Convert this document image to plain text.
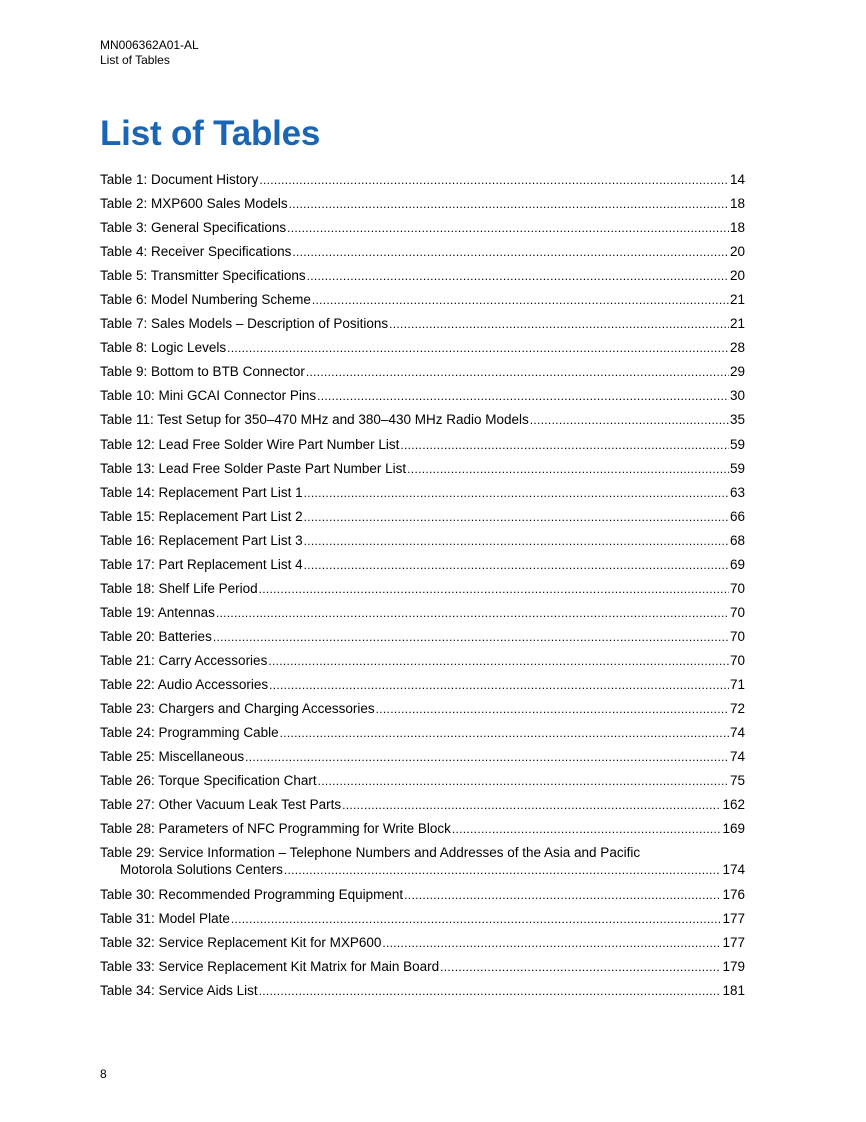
MN006362A01-AL
List of Tables
List of Tables
Table 1: Document History .....	14
Table 2: MXP600 Sales Models .....	18
Table 3: General Specifications .....	18
Table 4: Receiver Specifications .....	20
Table 5: Transmitter Specifications .....	20
Table 6: Model Numbering Scheme .....	21
Table 7: Sales Models – Description of Positions .....	21
Table 8: Logic Levels .....	28
Table 9: Bottom to BTB Connector .....	29
Table 10: Mini GCAI Connector Pins .....	30
Table 11: Test Setup for 350–470 MHz and 380–430 MHz Radio Models .....	35
Table 12: Lead Free Solder Wire Part Number List .....	59
Table 13: Lead Free Solder Paste Part Number List .....	59
Table 14: Replacement Part List 1 .....	63
Table 15: Replacement Part List 2 .....	66
Table 16: Replacement Part List 3 .....	68
Table 17: Part Replacement List 4 .....	69
Table 18: Shelf Life Period .....	70
Table 19: Antennas .....	70
Table 20: Batteries .....	70
Table 21: Carry Accessories .....	70
Table 22: Audio Accessories .....	71
Table 23: Chargers and Charging Accessories .....	72
Table 24: Programming Cable .....	74
Table 25: Miscellaneous .....	74
Table 26: Torque Specification Chart .....	75
Table 27: Other Vacuum Leak Test Parts .....	162
Table 28: Parameters of NFC Programming for Write Block .....	169
Table 29: Service Information – Telephone Numbers and Addresses of the Asia and Pacific
Motorola Solutions Centers .....	174
Table 30: Recommended Programming Equipment .....	176
Table 31: Model Plate .....	177
Table 32: Service Replacement Kit for MXP600 .....	177
Table 33: Service Replacement Kit Matrix for Main Board .....	179
Table 34: Service Aids List .....	181
8
